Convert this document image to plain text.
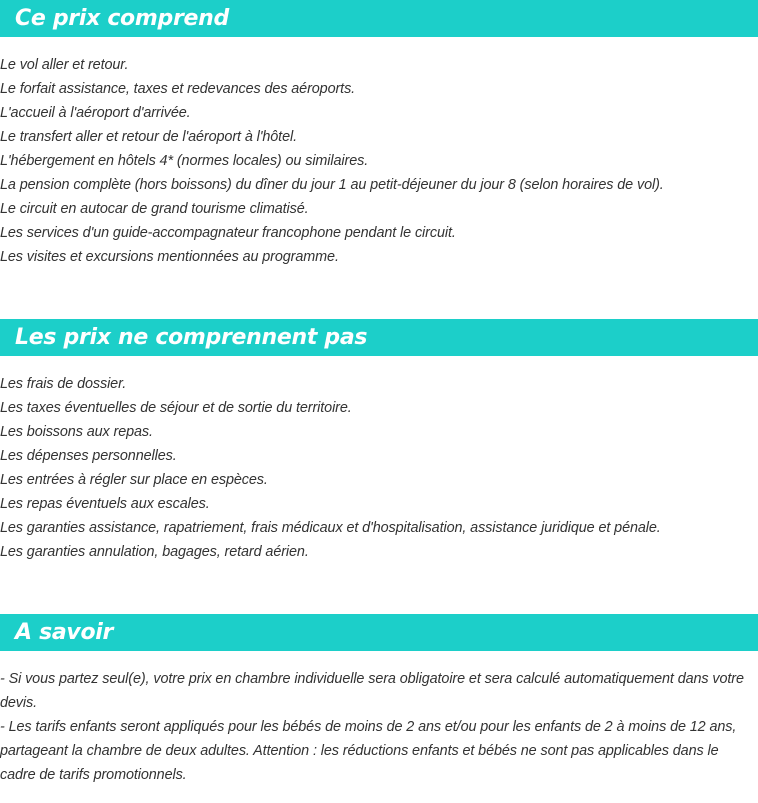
Ce prix comprend
Le vol aller et retour.
Le forfait assistance, taxes et redevances des aéroports.
L'accueil à l'aéroport d'arrivée.
Le transfert aller et retour de l'aéroport à l'hôtel.
L'hébergement en hôtels 4* (normes locales) ou similaires.
La pension complète (hors boissons) du dîner du jour 1 au petit-déjeuner du jour 8 (selon horaires de vol).
Le circuit en autocar de grand tourisme climatisé.
Les services d'un guide-accompagnateur francophone pendant le circuit.
Les visites et excursions mentionnées au programme.
Les prix ne comprennent pas
Les frais de dossier.
Les taxes éventuelles de séjour et de sortie du territoire.
Les boissons aux repas.
Les dépenses personnelles.
Les entrées à régler sur place en espèces.
Les repas éventuels aux escales.
Les garanties assistance, rapatriement, frais médicaux et d'hospitalisation, assistance juridique et pénale.
Les garanties annulation, bagages, retard aérien.
A savoir

- Si vous partez seul(e), votre prix en chambre individuelle sera obligatoire et sera calculé automatiquement dans votre devis.

- Les tarifs enfants seront appliqués pour les bébés de moins de 2 ans et/ou pour les enfants de 2 à moins de 12 ans, partageant la chambre de deux adultes. Attention : les réductions enfants et bébés ne sont pas applicables dans le cadre de tarifs promotionnels.
